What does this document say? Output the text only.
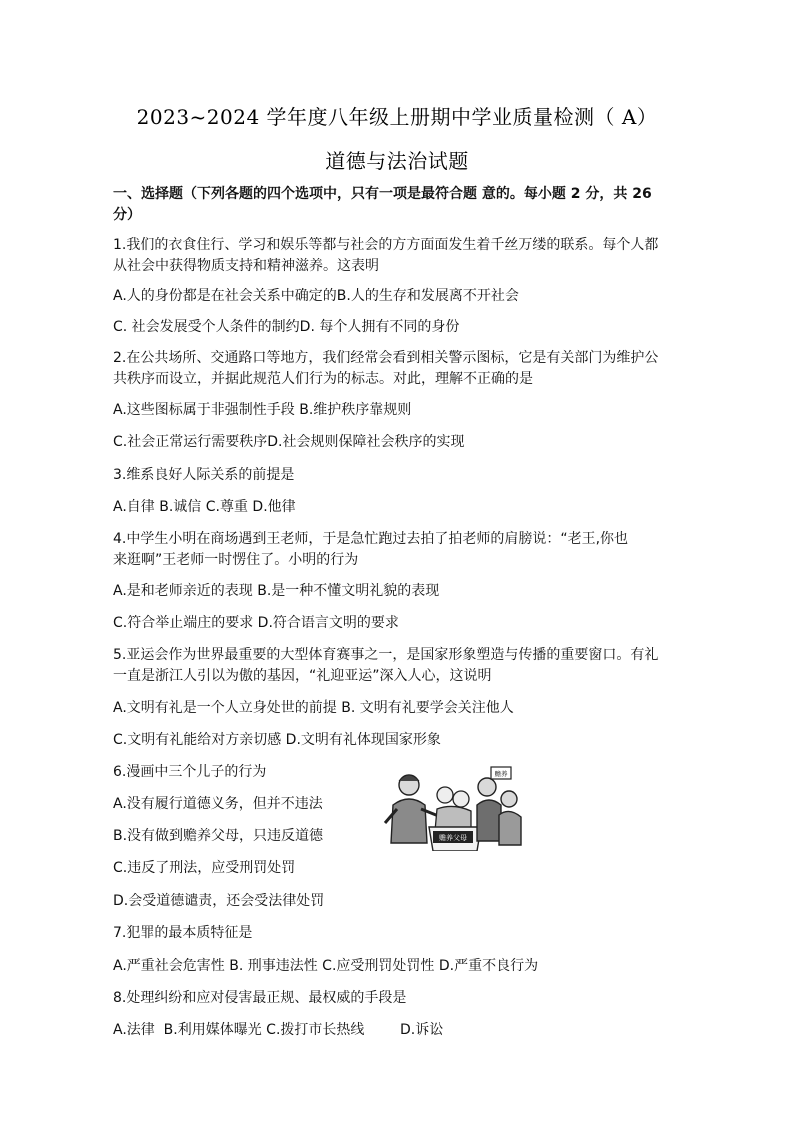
2023~2024 学年度八年级上册期中学业质量检测（ A）
道德与法治试题
一、选择题（下列各题的四个选项中，只有一项是最符合题 意的。每小题 2 分，共 26
分）
1.我们的衣食住行、学习和娱乐等都与社会的方方面面发生着千丝万缕的联系。每个人都
从社会中获得物质支持和精神滋养。这表明
A.人的身份都是在社会关系中确定的B.人的生存和发展离不开社会
C. 社会发展受个人条件的制约D. 每个人拥有不同的身份
2.在公共场所、交通路口等地方，我们经常会看到相关警示图标，它是有关部门为维护公
共秩序而设立，并据此规范人们行为的标志。对此，理解不正确的是
A.这些图标属于非强制性手段 B.维护秩序靠规则
C.社会正常运行需要秩序D.社会规则保障社会秩序的实现
3.维系良好人际关系的前提是
A.自律 B.诚信 C.尊重 D.他律
4.中学生小明在商场遇到王老师，于是急忙跑过去拍了拍老师的肩膀说：“老王,你也
来逛啊”王老师一时愣住了。小明的行为
A.是和老师亲近的表现 B.是一种不懂文明礼貌的表现
C.符合举止端庄的要求 D.符合语言文明的要求
5.亚运会作为世界最重要的大型体育赛事之一，是国家形象塑造与传播的重要窗口。有礼
一直是浙江人引以为傲的基因，“礼迎亚运”深入人心，这说明
A.文明有礼是一个人立身处世的前提 B. 文明有礼要学会关注他人
C.文明有礼能给对方亲切感 D.文明有礼体现国家形象
6.漫画中三个儿子的行为
A.没有履行道德义务，但并不违法
B.没有做到赡养父母，只违反道德
C.违反了刑法，应受刑罚处罚
D.会受道德谴责，还会受法律处罚
赡养父母
赡养
7.犯罪的最本质特征是
A.严重社会危害性 B. 刑事违法性 C.应受刑罚处罚性 D.严重不良行为
8.处理纠纷和应对侵害最正规、最权威的手段是
A.法律  B.利用媒体曝光 C.拨打市长热线        D.诉讼
